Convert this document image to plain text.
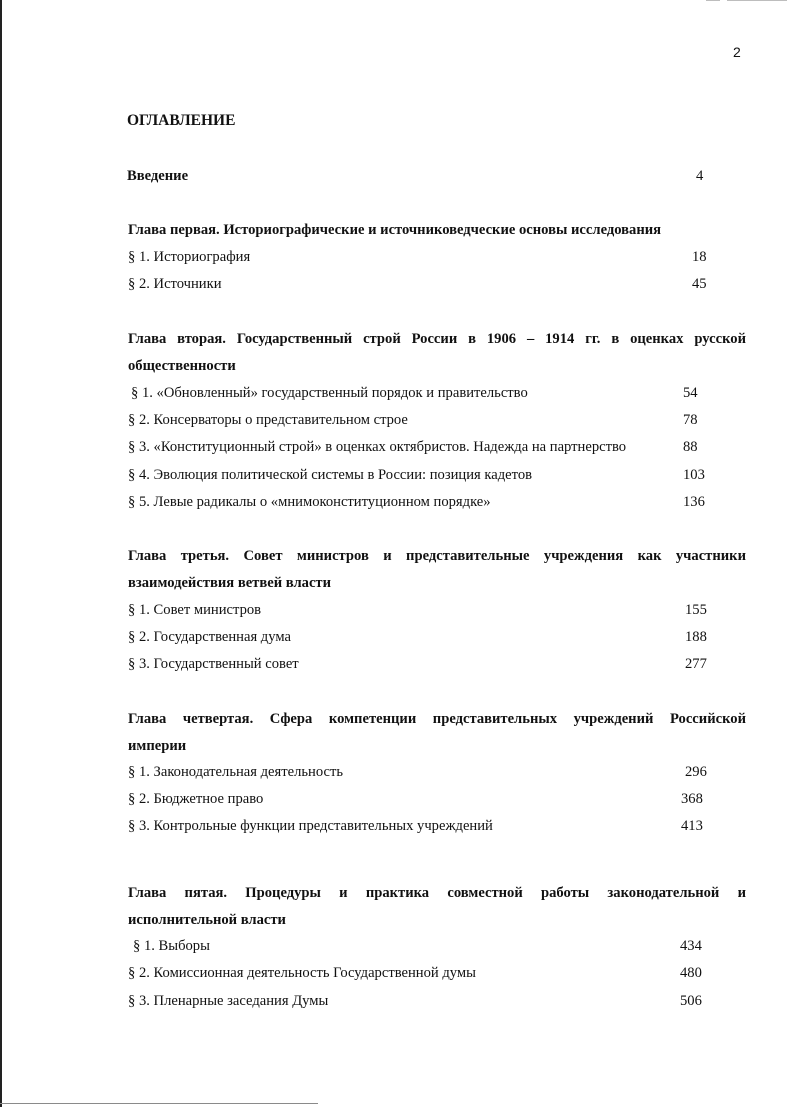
2
ОГЛАВЛЕНИЕ
Введение	4
Глава первая. Историографические и источниковедческие основы исследования
§ 1. Историография	18
§ 2. Источники	45
Глава вторая. Государственный строй России в 1906 – 1914 гг. в оценках русской
общественности
§ 1. «Обновленный» государственный порядок и правительство	54
§ 2. Консерваторы о представительном строе	78
§ 3. «Конституционный строй» в оценках октябристов. Надежда на партнерство	88
§ 4. Эволюция политической системы в России: позиция кадетов	103
§ 5. Левые радикалы о «мнимоконституционном порядке»	136
Глава третья. Совет министров и представительные учреждения как участники
взаимодействия ветвей власти
§ 1. Совет министров	155
§ 2. Государственная дума	188
§ 3. Государственный совет	277
Глава четвертая. Сфера компетенции представительных учреждений Российской
империи
§ 1. Законодательная деятельность	296
§ 2. Бюджетное право	368
§ 3. Контрольные функции представительных учреждений	413
Глава пятая. Процедуры и практика совместной работы законодательной и
исполнительной власти
§ 1. Выборы	434
§ 2. Комиссионная деятельность Государственной думы	480
§ 3. Пленарные заседания Думы	506
